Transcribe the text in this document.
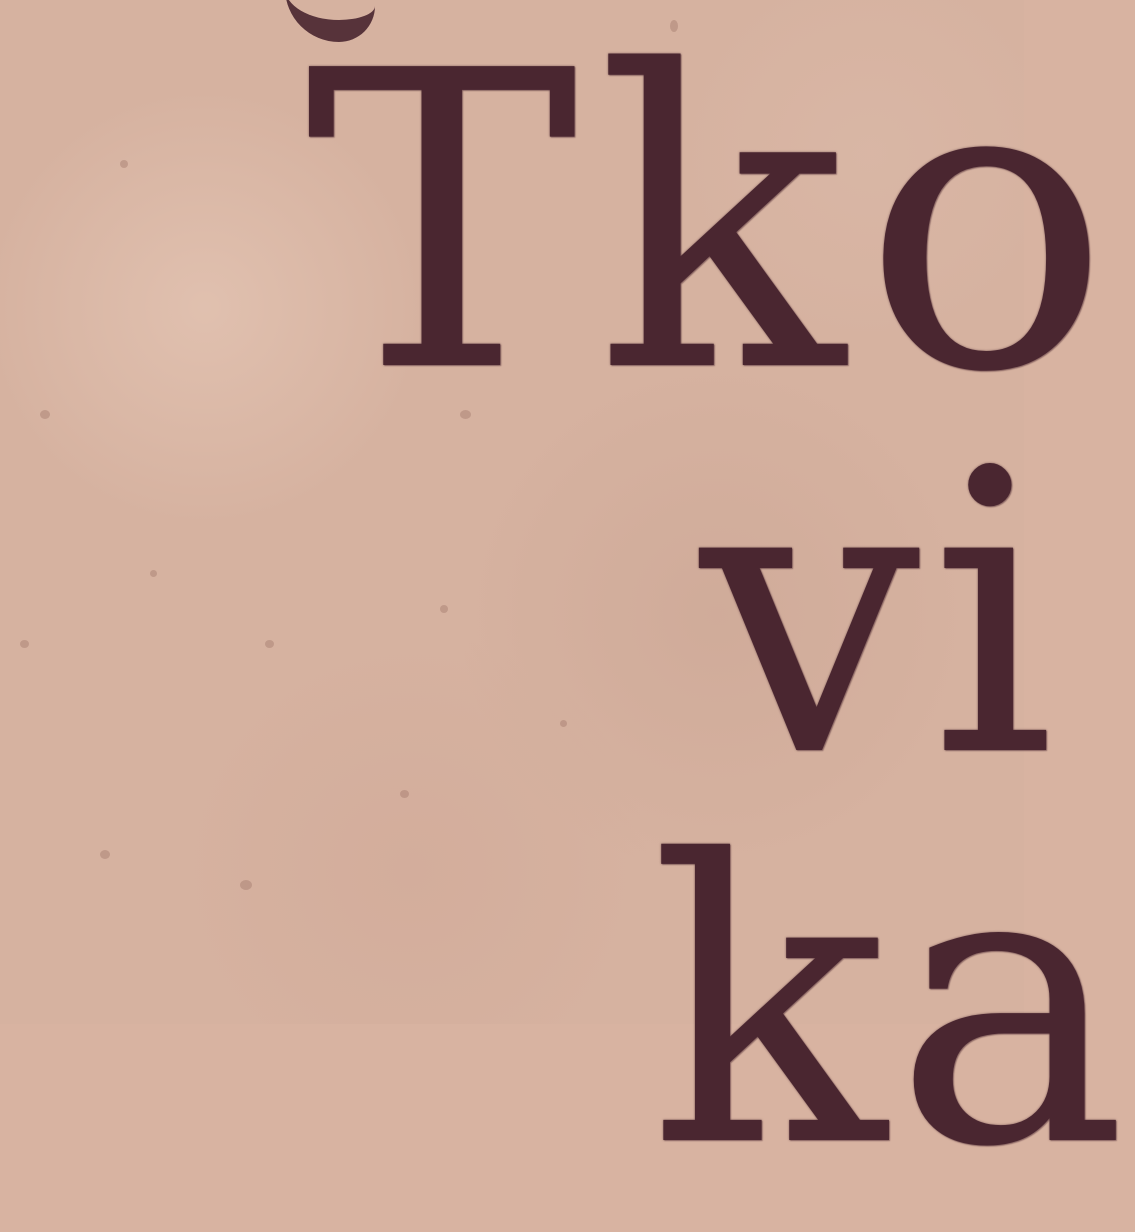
Tko
vi
ka
